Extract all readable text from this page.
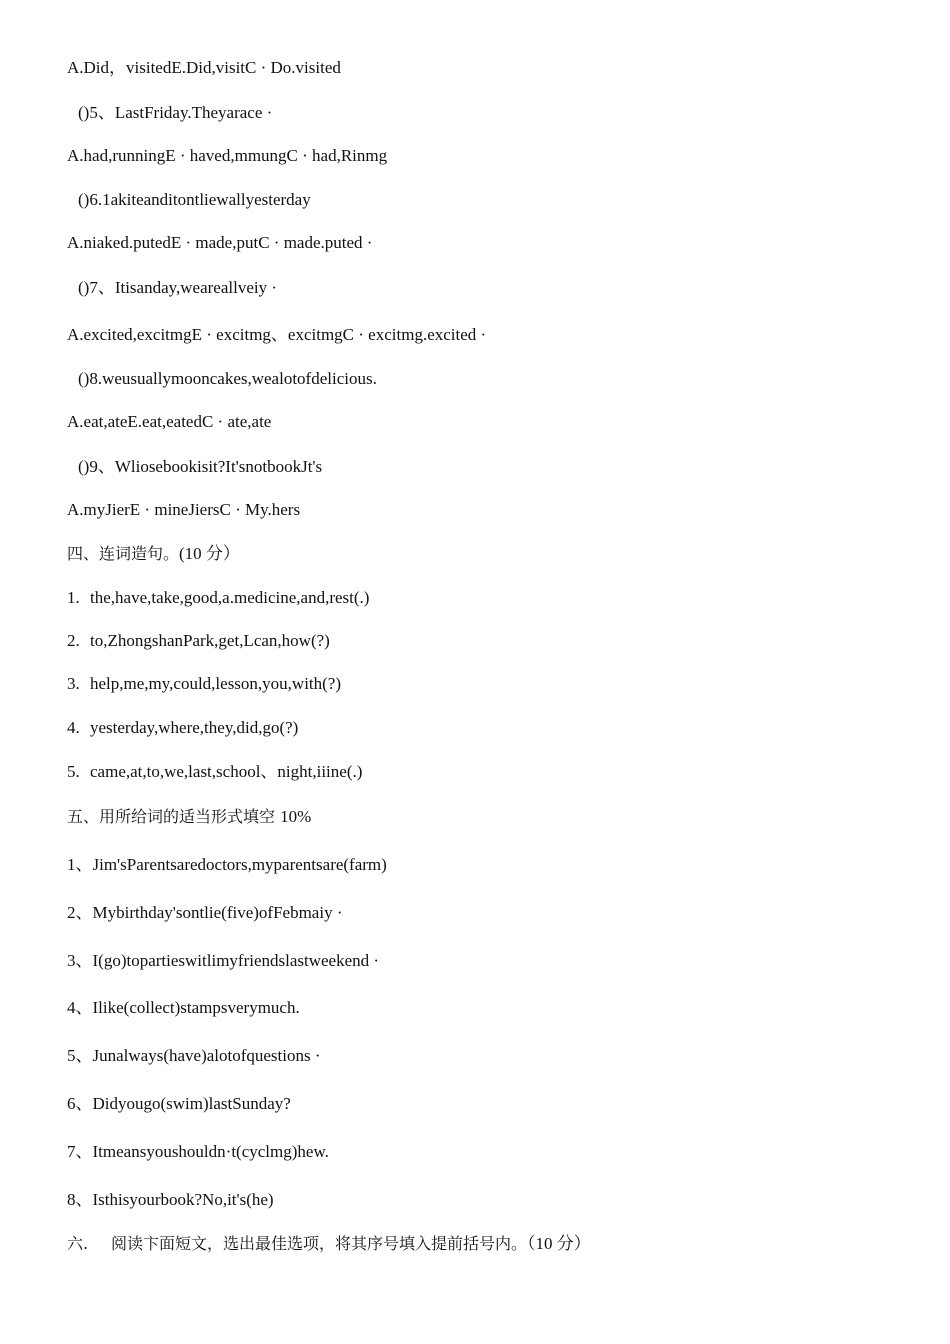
A.Did，visitedE.Did,visitC · Do.visited
()5、LastFriday.Theyarace ·
A.had,runningE · haved,mmungC · had,Rinmg
()6.1akiteanditontliewallyesterday
A.niaked.putedE · made,putC · made.puted ·
()7、Itisanday,weareallveiy ·
A.excited,excitmgE · excitmg、excitmgC · excitmg.excited ·
()8.weusuallymooncakes,wealotofdelicious.
A.eat,ateE.eat,eatedC · ate,ate
()9、Wliosebookisit?It'snotbookJt's
A.myJierE · mineJiersC · My.hers
四、连词造句。(10 分）
1. the,have,take,good,a.medicine,and,rest(.)
2. to,ZhongshanPark,get,Lcan,how(?)
3. help,me,my,could,lesson,you,with(?)
4. yesterday,where,they,did,go(?)
5. came,at,to,we,last,school、night,iiine(.)
五、用所给词的适当形式填空 10%
1、Jim'sParentsaredoctors,myparentsare(farm)
2、Mybirthday'sontlie(five)ofFebmaiy ·
3、I(go)topartieswitlimyfriendslastweekend ·
4、Ilike(collect)stampsverymuch.
5、Junalways(have)alotofquestions ·
6、Didyougo(swim)lastSunday?
7、Itmeansyoushouldn·t(cyclmg)hew.
8、Isthisyourbook?No,it's(he)
六. 阅读卞面短文，选出最佳选项，将其序号填入提前括号内。（10 分）
